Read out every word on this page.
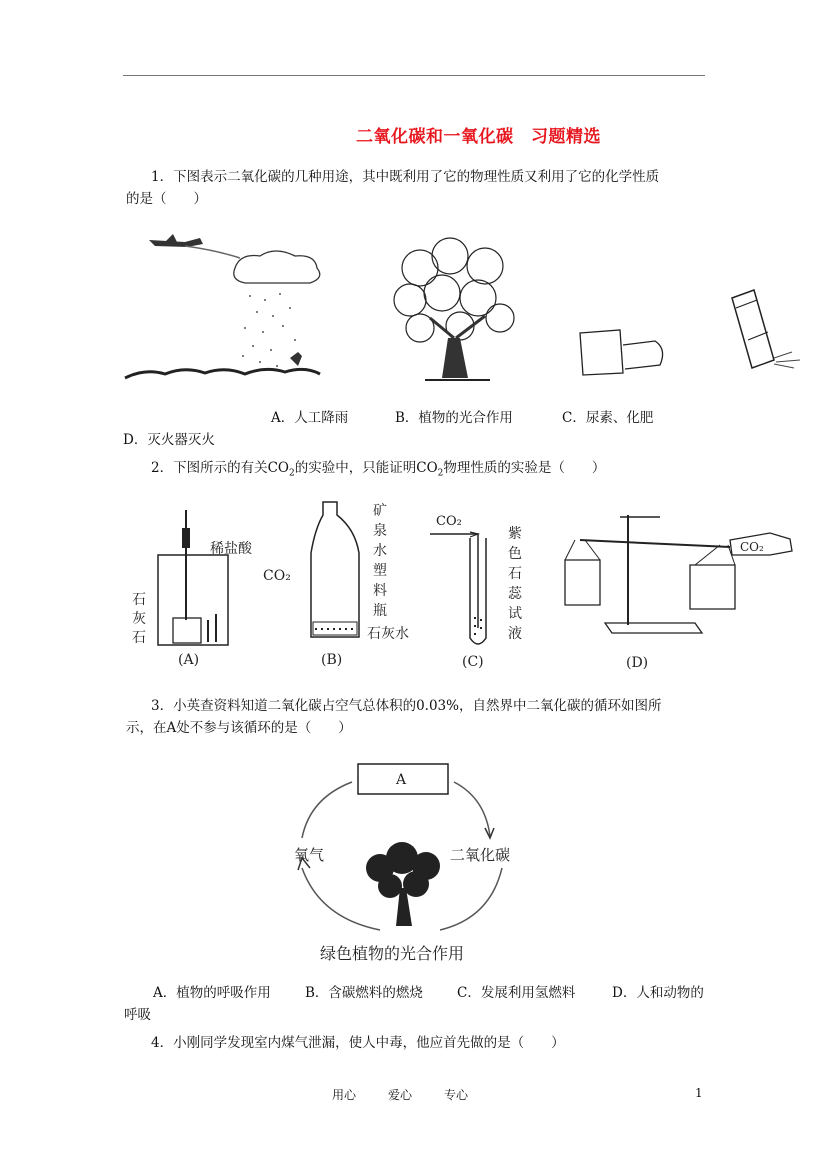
二氧化碳和一氧化碳　习题精选
1．下图表示二氧化碳的几种用途，其中既利用了它的物理性质又利用了它的化学性质
的是（　　）
A．人工降雨	B．植物的光合作用	C．尿素、化肥
D．灭火器灭火
2．下图所示的有关$CO_2$的实验中，只能证明$CO_2$物理性质的实验是（　　）
稀盐酸
石
灰
石
(A)
CO₂
矿
泉
水
塑
料
瓶
石灰水
(B)
CO₂
紫
色
石
蕊
试
液
(C)
CO₂
(D)
3．小英查资料知道二氧化碳占空气总体积的0.03%，自然界中二氧化碳的循环如图所
示，在A处不参与该循环的是（　　）
A
氧气	二氧化碳
绿色植物的光合作用
A．植物的呼吸作用	B．含碳燃料的燃烧	C．发展利用氢燃料	D．人和动物的
呼吸
4．小刚同学发现室内煤气泄漏，使人中毒，他应首先做的是（　　）
用心	爱心	专心	1
